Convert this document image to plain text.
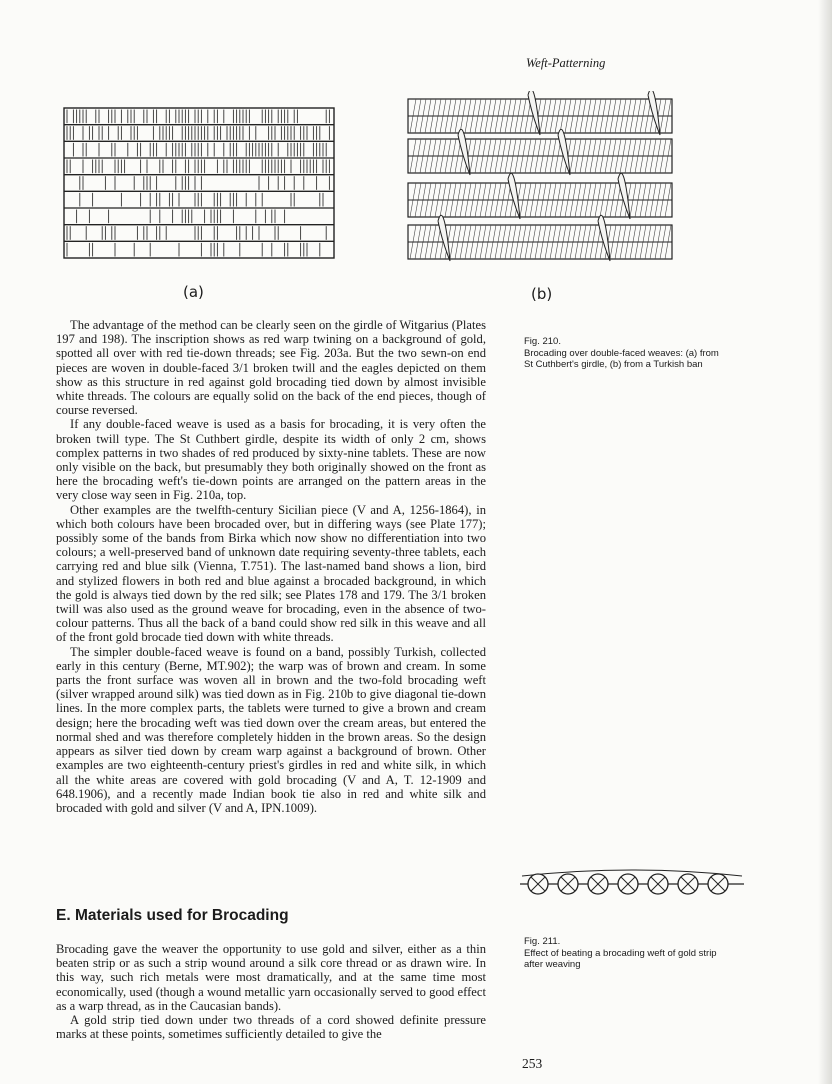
Weft-Patterning
(a)	(b)
Fig. 210.
Brocading over double-faced weaves: (a) from St Cuthbert's girdle, (b) from a Turkish ban

The advantage of the method can be clearly seen on the girdle of Witgarius (Plates 197 and 198). The inscription shows as red warp twining on a background of gold, spotted all over with red tie-down threads; see Fig. 203a. But the two sewn-on end pieces are woven in double-faced 3/1 broken twill and the eagles depicted on them show as this structure in red against gold brocading tied down by almost invisible white threads. The colours are equally solid on the back of the end pieces, though of course reversed.

If any double-faced weave is used as a basis for brocading, it is very often the broken twill type. The St Cuthbert girdle, despite its width of only 2 cm, shows complex patterns in two shades of red produced by sixty-nine tablets. These are now only visible on the back, but presumably they both originally showed on the front as here the brocading weft's tie-down points are arranged on the pattern areas in the very close way seen in Fig. 210a, top.

Other examples are the twelfth-century Sicilian piece (V and A, 1256-1864), in which both colours have been brocaded over, but in differing ways (see Plate 177); possibly some of the bands from Birka which now show no differentiation into two colours; a well-preserved band of unknown date requiring seventy-three tablets, each carrying red and blue silk (Vienna, T.751). The last-named band shows a lion, bird and stylized flowers in both red and blue against a brocaded background, in which the gold is always tied down by the red silk; see Plates 178 and 179. The 3/1 broken twill was also used as the ground weave for brocading, even in the absence of two-colour patterns. Thus all the back of a band could show red silk in this weave and all of the front gold brocade tied down with white threads.

The simpler double-faced weave is found on a band, possibly Turkish, collected early in this century (Berne, MT.902); the warp was of brown and cream. In some parts the front surface was woven all in brown and the two-fold brocading weft (silver wrapped around silk) was tied down as in Fig. 210b to give diagonal tie-down lines. In the more complex parts, the tablets were turned to give a brown and cream design; here the brocading weft was tied down over the cream areas, but entered the normal shed and was therefore completely hidden in the brown areas. So the design appears as silver tied down by cream warp against a background of brown. Other examples are two eighteenth-century priest's girdles in red and white silk, in which all the white areas are covered with gold brocading (V and A, T. 12-1909 and 648.1906), and a recently made Indian book tie also in red and white silk and brocaded with gold and silver (V and A, IPN.1009).

Fig. 211.
Effect of beating a brocading weft of gold strip after weaving
E. Materials used for Brocading

Brocading gave the weaver the opportunity to use gold and silver, either as a thin beaten strip or as such a strip wound around a silk core thread or as drawn wire. In this way, such rich metals were most dramatically, and at the same time most economically, used (though a wound metallic yarn occasionally served to good effect as a warp thread, as in the Caucasian bands).

A gold strip tied down under two threads of a cord showed definite pressure marks at these points, sometimes sufficiently detailed to give the

253
